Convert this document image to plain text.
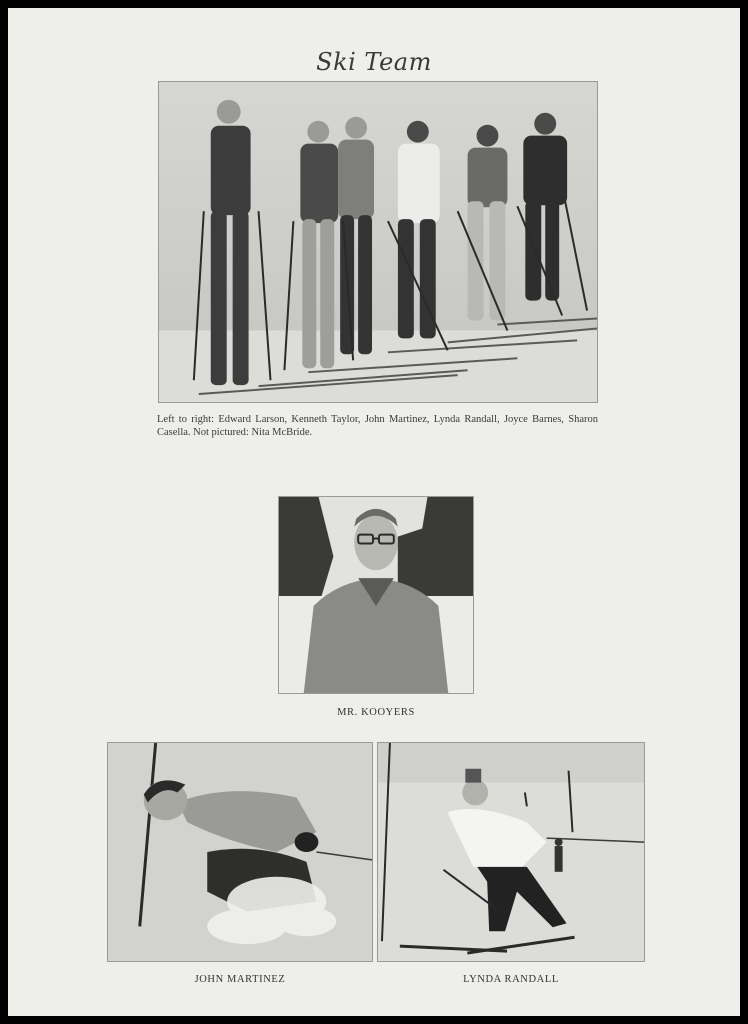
Ski Team
Left to right: Edward Larson, Kenneth Taylor, John Martinez, Lynda Randall, Joyce Barnes, Sharon Casella. Not pictured: Nita McBride.
MR. KOOYERS
JOHN MARTINEZ	LYNDA RANDALL
